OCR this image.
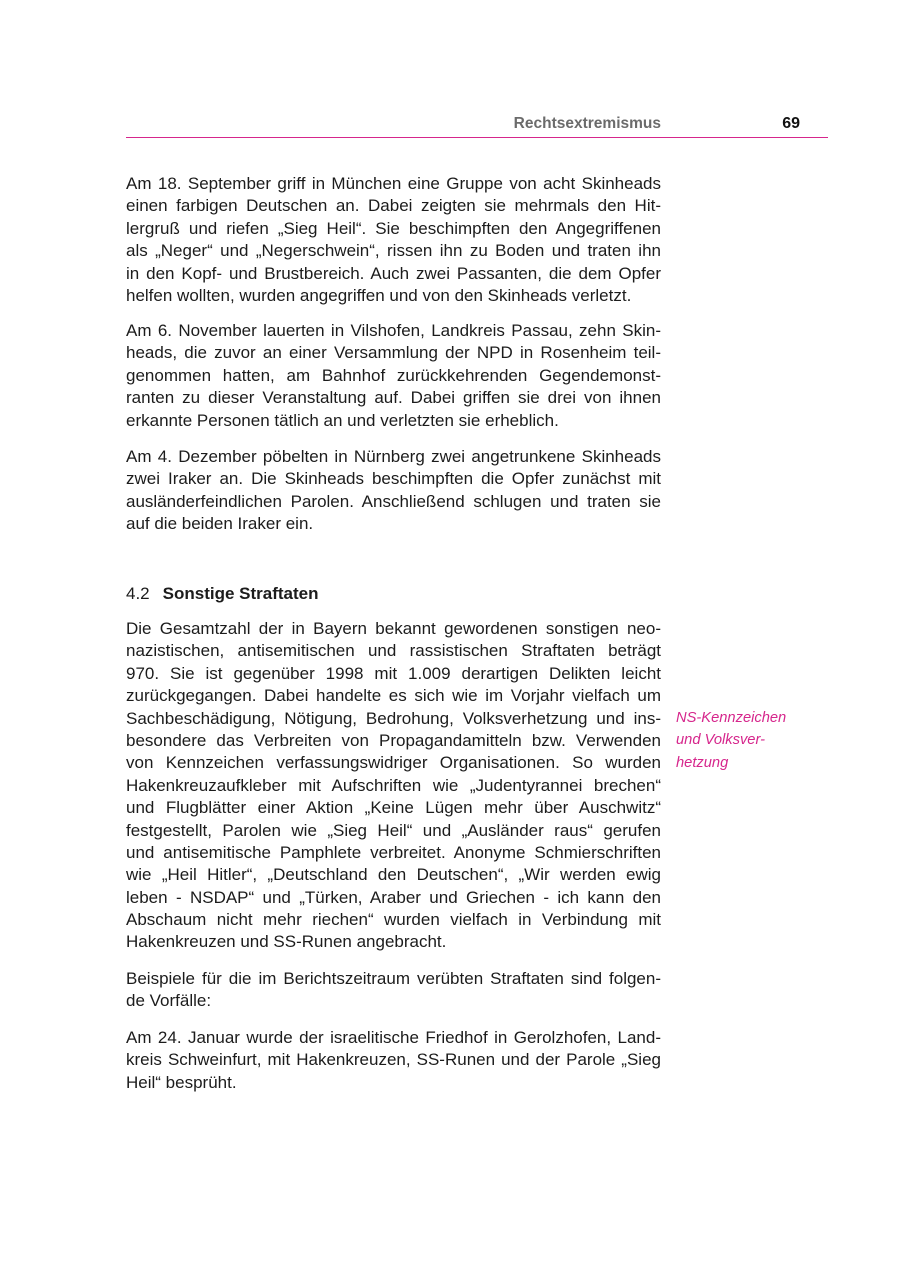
Rechtsextremismus	69
Am 18. September griff in München eine Gruppe von acht Skinheads
einen farbigen Deutschen an. Dabei zeigten sie mehrmals den Hit-
lergruß und riefen „Sieg Heil“. Sie beschimpften den Angegriffenen
als „Neger“ und „Negerschwein“, rissen ihn zu Boden und traten ihn
in den Kopf- und Brustbereich. Auch zwei Passanten, die dem Opfer
helfen wollten, wurden angegriffen und von den Skinheads verletzt.
Am 6. November lauerten in Vilshofen, Landkreis Passau, zehn Skin-
heads, die zuvor an einer Versammlung der NPD in Rosenheim teil-
genommen hatten, am Bahnhof zurückkehrenden Gegendemonst-
ranten zu dieser Veranstaltung auf. Dabei griffen sie drei von ihnen
erkannte Personen tätlich an und verletzten sie erheblich.
Am 4. Dezember pöbelten in Nürnberg zwei angetrunkene Skinheads
zwei Iraker an. Die Skinheads beschimpften die Opfer zunächst mit
ausländerfeindlichen Parolen. Anschließend schlugen und traten sie
auf die beiden Iraker ein.
4.2 Sonstige Straftaten
Die Gesamtzahl der in Bayern bekannt gewordenen sonstigen neo-
nazistischen, antisemitischen und rassistischen Straftaten beträgt
970. Sie ist gegenüber 1998 mit 1.009 derartigen Delikten leicht
zurückgegangen. Dabei handelte es sich wie im Vorjahr vielfach um
Sachbeschädigung, Nötigung, Bedrohung, Volksverhetzung und ins-
besondere das Verbreiten von Propagandamitteln bzw. Verwenden
von Kennzeichen verfassungswidriger Organisationen. So wurden
Hakenkreuzaufkleber mit Aufschriften wie „Judentyrannei brechen“
und Flugblätter einer Aktion „Keine Lügen mehr über Auschwitz“
festgestellt, Parolen wie „Sieg Heil“ und „Ausländer raus“ gerufen
und antisemitische Pamphlete verbreitet. Anonyme Schmierschriften
wie „Heil Hitler“, „Deutschland den Deutschen“, „Wir werden ewig
leben - NSDAP“ und „Türken, Araber und Griechen - ich kann den
Abschaum nicht mehr riechen“ wurden vielfach in Verbindung mit
Hakenkreuzen und SS-Runen angebracht.
NS-Kennzeichen
und Volksver-
hetzung
Beispiele für die im Berichtszeitraum verübten Straftaten sind folgen-
de Vorfälle:
Am 24. Januar wurde der israelitische Friedhof in Gerolzhofen, Land-
kreis Schweinfurt, mit Hakenkreuzen, SS-Runen und der Parole „Sieg
Heil“ besprüht.
